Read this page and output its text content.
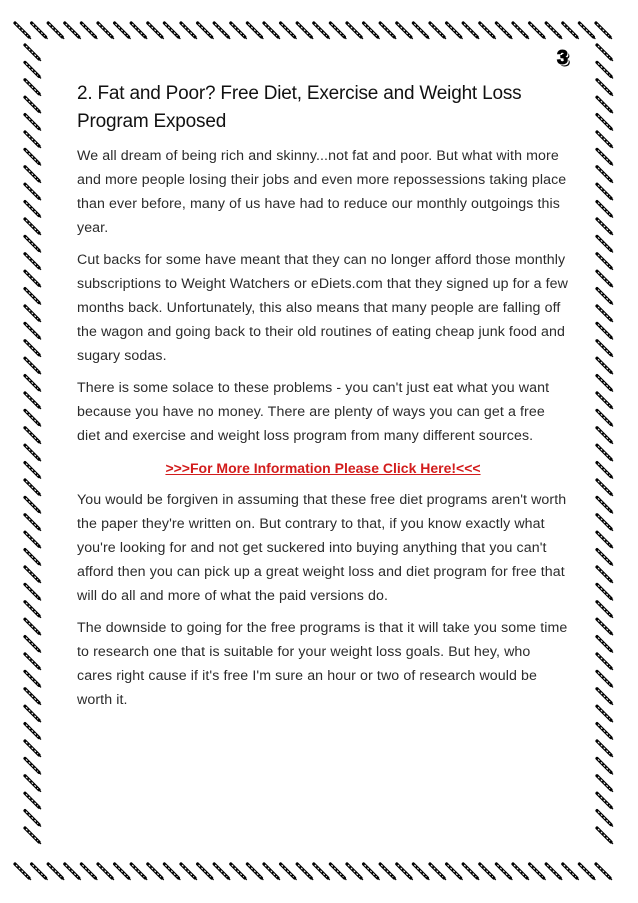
3
2. Fat and Poor? Free Diet, Exercise and Weight Loss Program Exposed

We all dream of being rich and skinny...not fat and poor. But what with more and more people losing their jobs and even more repossessions taking place than ever before, many of us have had to reduce our monthly outgoings this year.

Cut backs for some have meant that they can no longer afford those monthly subscriptions to Weight Watchers or eDiets.com that they signed up for a few months back. Unfortunately, this also means that many people are falling off the wagon and going back to their old routines of eating cheap junk food and sugary sodas.

There is some solace to these problems - you can't just eat what you want because you have no money. There are plenty of ways you can get a free diet and exercise and weight loss program from many different sources.

>>>For More Information Please Click Here!<<<

You would be forgiven in assuming that these free diet programs aren't worth the paper they're written on. But contrary to that, if you know exactly what you're looking for and not get suckered into buying anything that you can't afford then you can pick up a great weight loss and diet program for free that will do all and more of what the paid versions do.

The downside to going for the free programs is that it will take you some time to research one that is suitable for your weight loss goals. But hey, who cares right cause if it's free I'm sure an hour or two of research would be worth it.
